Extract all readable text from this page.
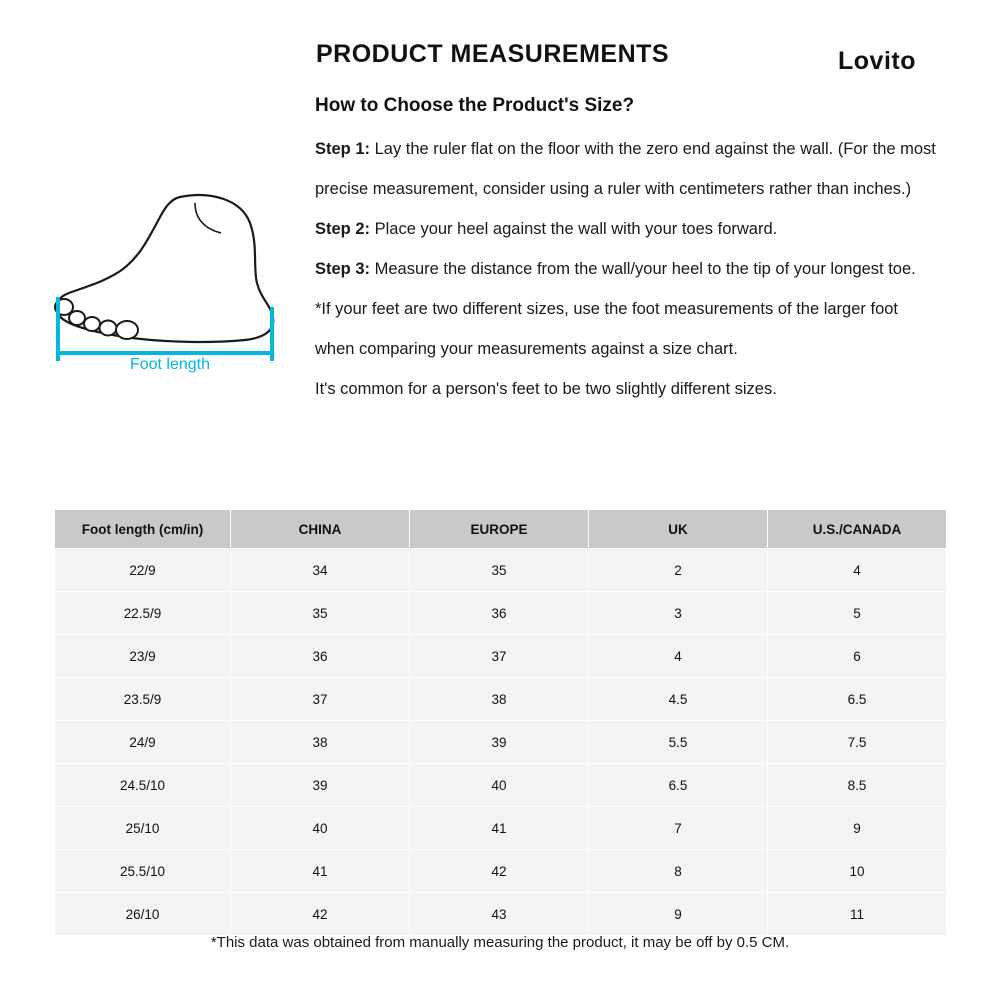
PRODUCT MEASUREMENTS	Lovito
Foot length
How to Choose the Product's Size?

Step 1: Lay the ruler flat on the floor with the zero end against the wall. (For the most precise measurement, consider using a ruler with centimeters rather than inches.)

Step 2: Place your heel against the wall with your toes forward.

Step 3: Measure the distance from the wall/your heel to the tip of your longest toe.

*If your feet are two different sizes, use the foot measurements of the larger foot when comparing your measurements against a size chart.

It's common for a person's feet to be two slightly different sizes.

Foot length (cm/in)	CHINA	EUROPE	UK	U.S./CANADA
22/9	34	35	2	4
22.5/9	35	36	3	5
23/9	36	37	4	6
23.5/9	37	38	4.5	6.5
24/9	38	39	5.5	7.5
24.5/10	39	40	6.5	8.5
25/10	40	41	7	9
25.5/10	41	42	8	10
26/10	42	43	9	11
*This data was obtained from manually measuring the product, it may be off by 0.5 CM.
